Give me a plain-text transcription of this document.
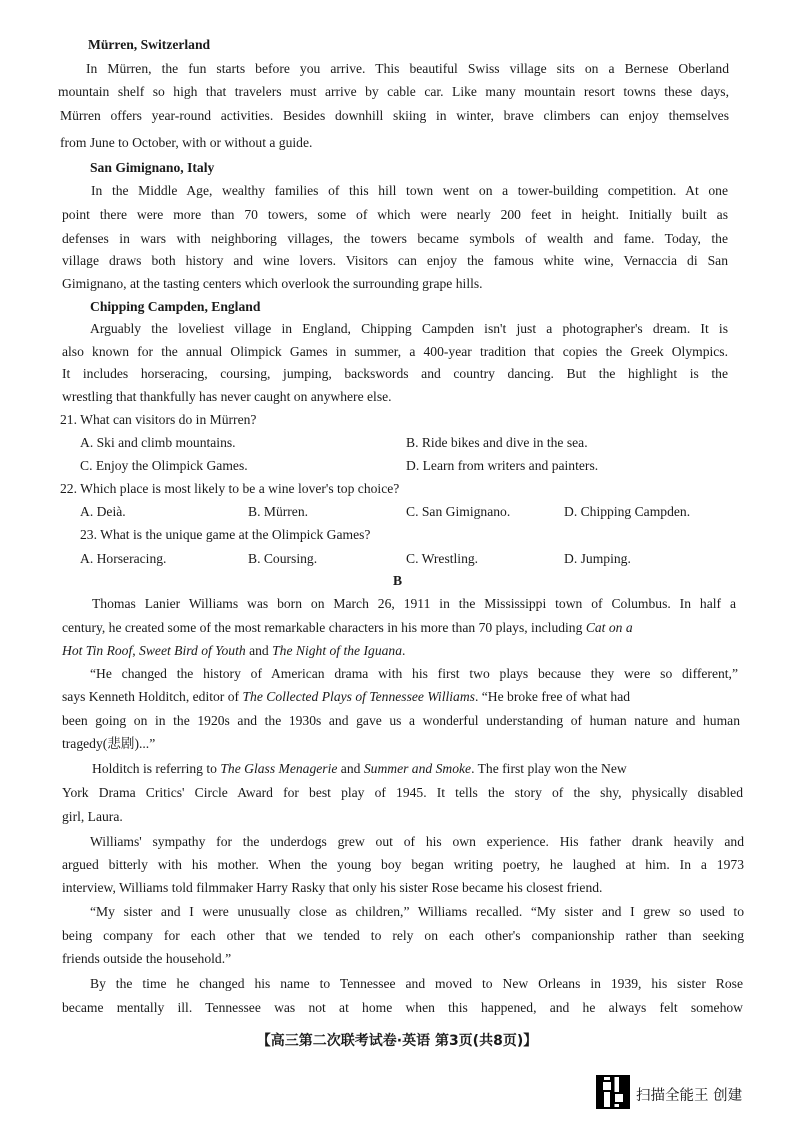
Mürren, Switzerland
In Mürren, the fun starts before you arrive. This beautiful Swiss village sits on a Bernese Oberland
mountain shelf so high that travelers must arrive by cable car. Like many mountain resort towns these days,
Mürren offers year-round activities. Besides downhill skiing in winter, brave climbers can enjoy themselves
from June to October, with or without a guide.
San Gimignano, Italy
In the Middle Age, wealthy families of this hill town went on a tower-building competition. At one
point there were more than 70 towers, some of which were nearly 200 feet in height. Initially built as
defenses in wars with neighboring villages, the towers became symbols of wealth and fame. Today, the
village draws both history and wine lovers. Visitors can enjoy the famous white wine, Vernaccia di San
Gimignano, at the tasting centers which overlook the surrounding grape hills.
Chipping Campden, England
Arguably the loveliest village in England, Chipping Campden isn't just a photographer's dream. It is
also known for the annual Olimpick Games in summer, a 400-year tradition that copies the Greek Olympics.
It includes horseracing, coursing, jumping, backswords and country dancing. But the highlight is the
wrestling that thankfully has never caught on anywhere else.
21. What can visitors do in Mürren?
A. Ski and climb mountains.	B. Ride bikes and dive in the sea.
C. Enjoy the Olimpick Games.	D. Learn from writers and painters.
22. Which place is most likely to be a wine lover's top choice?
A. Deià.	B. Mürren.	C. San Gimignano.	D. Chipping Campden.
23. What is the unique game at the Olimpick Games?
A. Horseracing.	B. Coursing.	C. Wrestling.	D. Jumping.
B
Thomas Lanier Williams was born on March 26, 1911 in the Mississippi town of Columbus. In half a
century, he created some of the most remarkable characters in his more than 70 plays, including Cat on a
Hot Tin Roof, Sweet Bird of Youth and The Night of the Iguana.
“He changed the history of American drama with his first two plays because they were so different,”
says Kenneth Holditch, editor of The Collected Plays of Tennessee Williams. “He broke free of what had
been going on in the 1920s and the 1930s and gave us a wonderful understanding of human nature and human
tragedy(悲剧)...”
Holditch is referring to The Glass Menagerie and Summer and Smoke. The first play won the New
York Drama Critics' Circle Award for best play of 1945. It tells the story of the shy, physically disabled
girl, Laura.
Williams' sympathy for the underdogs grew out of his own experience. His father drank heavily and
argued bitterly with his mother. When the young boy began writing poetry, he laughed at him. In a 1973
interview, Williams told filmmaker Harry Rasky that only his sister Rose became his closest friend.
“My sister and I were unusually close as children,” Williams recalled. “My sister and I grew so used to
being company for each other that we tended to rely on each other's companionship rather than seeking
friends outside the household.”
By the time he changed his name to Tennessee and moved to New Orleans in 1939, his sister Rose
became mentally ill. Tennessee was not at home when this happened, and he always felt somehow
【高三第二次联考试卷·英语 第3页(共8页)】
扫描全能王 创建
